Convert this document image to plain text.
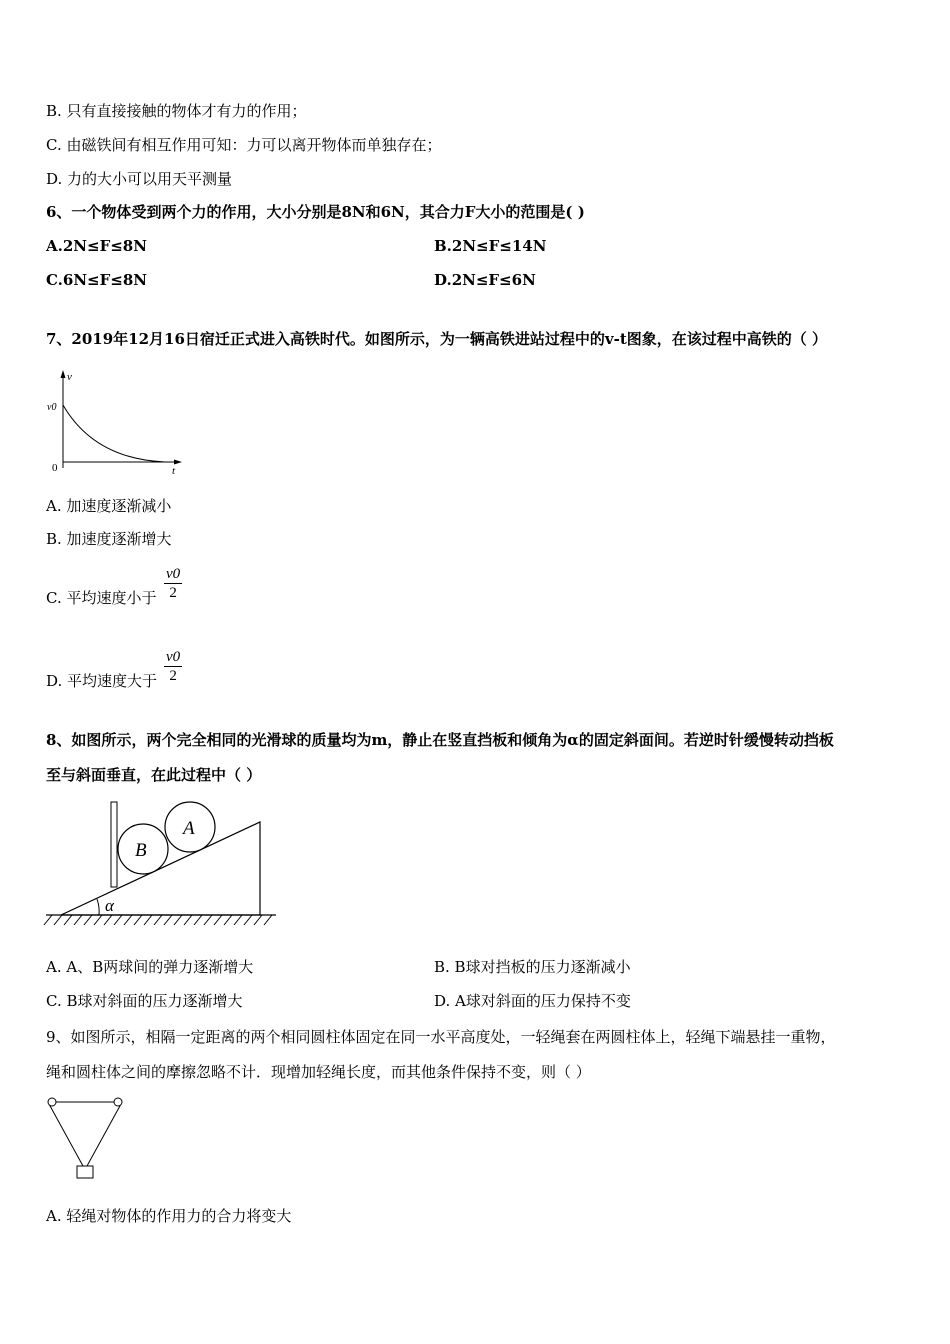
B. 只有直接接触的物体才有力的作用；
C. 由磁铁间有相互作用可知：力可以离开物体而单独存在；
D. 力的大小可以用天平测量
6、一个物体受到两个力的作用，大小分别是8N和6N，其合力F大小的范围是( )
A.2N≤F≤8N	B.2N≤F≤14N
C.6N≤F≤8N	D.2N≤F≤6N
7、2019年12月16日宿迁正式进入高铁时代。如图所示，为一辆高铁进站过程中的v-t图象，在该过程中高铁的（ ）
v
v0
0	t
A. 加速度逐渐减小
B. 加速度逐渐增大
C. 平均速度小于 $\frac{v0}{2}$
D. 平均速度大于 $\frac{v0}{2}$
8、如图所示，两个完全相同的光滑球的质量均为m，静止在竖直挡板和倾角为α的固定斜面间。若逆时针缓慢转动挡板
至与斜面垂直，在此过程中（ ）
B
A
α
A. A、B两球间的弹力逐渐增大	B. B球对挡板的压力逐渐减小
C. B球对斜面的压力逐渐增大	D. A球对斜面的压力保持不变
9、如图所示，相隔一定距离的两个相同圆柱体固定在同一水平高度处，一轻绳套在两圆柱体上，轻绳下端悬挂一重物，
绳和圆柱体之间的摩擦忽略不计．现增加轻绳长度，而其他条件保持不变，则（ ）
A. 轻绳对物体的作用力的合力将变大
